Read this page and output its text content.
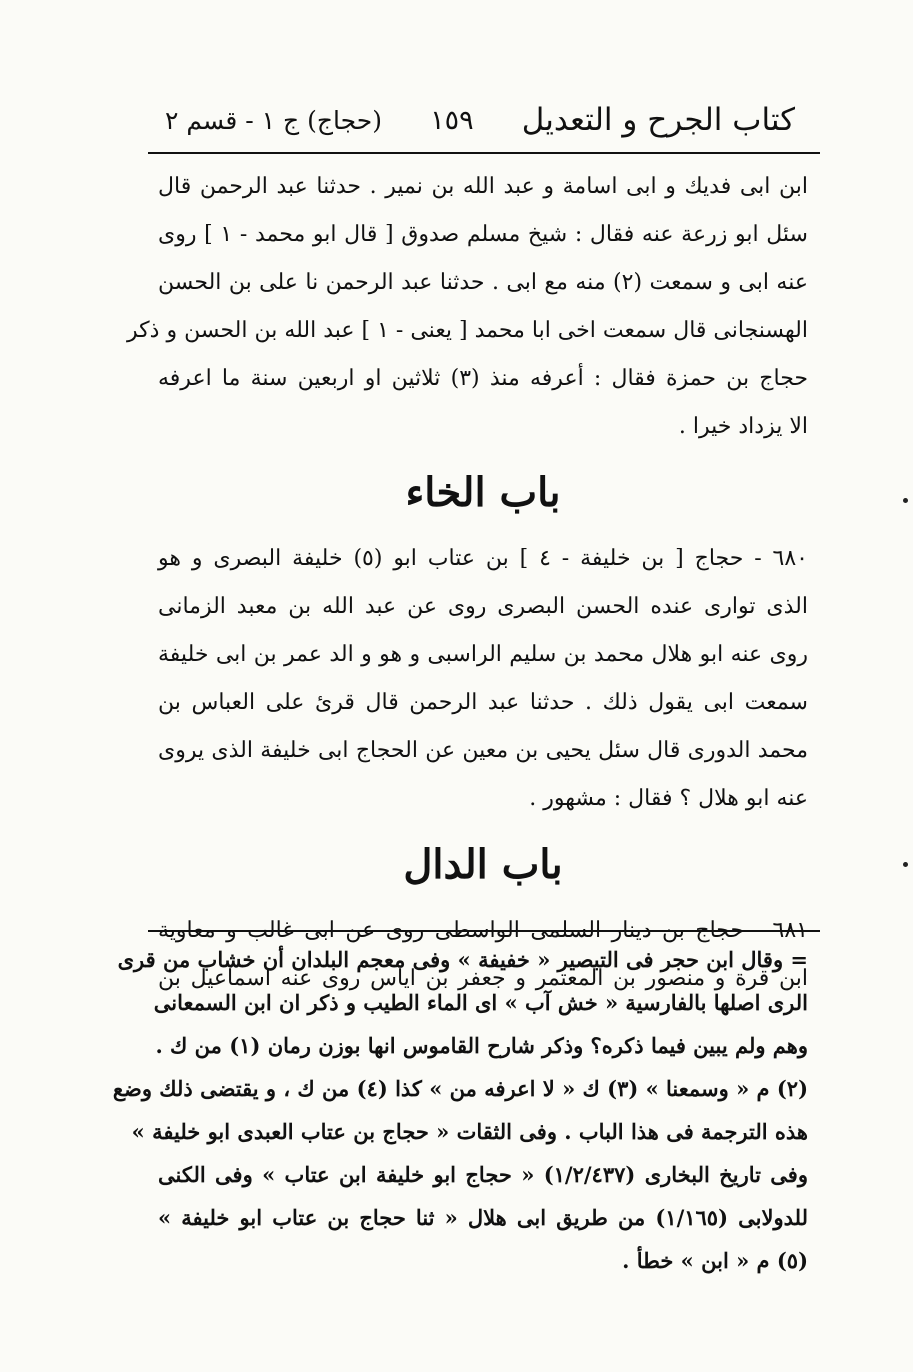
كتاب الجرح و التعديل
١٥٩
(حجاج) ج ١ - قسم ٢
ابن ابى فديك و ابى اسامة و عبد الله بن نمير . حدثنا عبد الرحمن قال
سئل ابو زرعة عنه فقال : شيخ مسلم صدوق [ قال ابو محمد - ١ ] روى
عنه ابى و سمعت (٢) منه مع ابى . حدثنا عبد الرحمن نا على بن الحسن
الهسنجانى قال سمعت اخى ابا محمد [ يعنى - ١ ] عبد الله بن الحسن و ذكر
حجاج بن حمزة فقال : أعرفه منذ (٣) ثلاثين او اربعين سنة ما اعرفه
الا يزداد خيرا .
باب الخاء
٦٨٠ - حجاج [ بن خليفة - ٤ ] بن عتاب ابو (٥) خليفة البصرى و هو
الذى توارى عنده الحسن البصرى روى عن عبد الله بن معبد الزمانى
روى عنه ابو هلال محمد بن سليم الراسبى و هو و الد عمر بن ابى خليفة
سمعت ابى يقول ذلك . حدثنا عبد الرحمن قال قرئ على العباس بن
محمد الدورى قال سئل يحيى بن معين عن الحجاج ابى خليفة الذى يروى
عنه ابو هلال ؟ فقال : مشهور .
باب الدال
٦٨١ - حجاج بن دينار السلمى الواسطى روى عن ابى غالب و معاوية
ابن قرة و منصور بن المعتمر و جعفر بن اياس روى عنه اسماعيل بن
= وقال ابن حجر فى التبصير « خفيفة » وفى معجم البلدان أن خشاب من قرى
الرى اصلها بالفارسية « خش آب » اى الماء الطيب و ذكر ان ابن السمعانى
وهم ولم يبين فيما ذكره؟ وذكر شارح القاموس انها بوزن رمان (١) من ك .
(٢) م « وسمعنا » (٣) ك « لا اعرفه من » كذا (٤) من ك ، و يقتضى ذلك وضع
هذه الترجمة فى هذا الباب . وفى الثقات « حجاج بن عتاب العبدى ابو خليفة »
وفى تاريخ البخارى (١/٢/٤٣٧) « حجاج ابو خليفة ابن عتاب » وفى الكنى
للدولابى (١/١٦٥) من طريق ابى هلال « ثنا حجاج بن عتاب ابو خليفة »
(٥) م « ابن » خطأ .
